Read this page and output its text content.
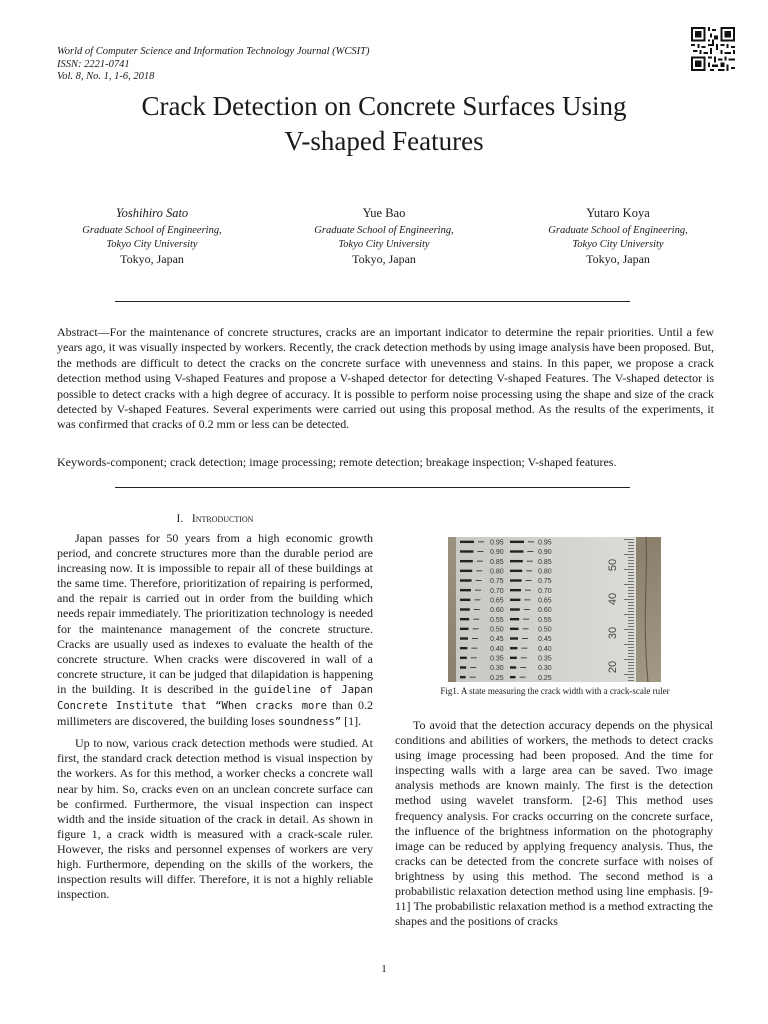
World of Computer Science and Information Technology Journal (WCSIT)
ISSN: 2221-0741
Vol. 8, No. 1, 1-6, 2018
Crack Detection on Concrete Surfaces Using
V-shaped Features
Yoshihiro Sato
Graduate School of Engineering,
Tokyo City University
Tokyo, Japan
Yue Bao
Graduate School of Engineering,
Tokyo City University
Tokyo, Japan
Yutaro Koya
Graduate School of Engineering,
Tokyo City University
Tokyo, Japan
Abstract—For the maintenance of concrete structures, cracks are an important indicator to determine the repair priorities. Until a few years ago, it was visually inspected by workers. Recently, the crack detection methods by using image analysis have been proposed. But, the methods are difficult to detect the cracks on the concrete surface with unevenness and stains. In this paper, we propose a crack detection method using V-shaped Features and propose a V-shaped detector for detecting V-shaped Features. The V-shaped detector is possible to detect cracks with a high degree of accuracy. It is possible to perform noise processing using the shape and size of the crack detected by V-shaped Features. Several experiments were carried out using this proposal method. As the results of the experiments, it was confirmed that cracks of 0.2 mm or less can be detected.
Keywords-component; crack detection; image processing; remote detection; breakage inspection; V-shaped features.
I. Introduction

Japan passes for 50 years from a high economic growth period, and concrete structures more than the durable period are increasing now. It is impossible to repair all of these buildings at the same time. Therefore, prioritization of repairing is performed, and the repair is carried out in order from the building which needs repair immediately. The prioritization technology is needed for the maintenance management of the concrete structure. Cracks are usually used as indexes to evaluate the health of the concrete structure. When cracks were discovered in wall of a concrete structure, it can be judged that dilapidation is happening in the building. It is described in the guideline of Japan Concrete Institute that “When cracks more than 0.2 millimeters are discovered, the building loses soundness” [1].

Up to now, various crack detection methods were studied. At first, the standard crack detection method is visual inspection by the workers. As for this method, a worker checks a concrete wall near by him. So, cracks even on an unclean concrete surface can be confirmed. Furthermore, the visual inspection can inspect width and the inside situation of the crack in detail. As shown in figure 1, a crack width is measured with a crack-scale ruler. However, the risks and personnel expenses of workers are very high. Furthermore, depending on the skills of the workers, the inspection results will differ. Therefore, it is not a highly reliable inspection.

0.95
0.90
0.85
0.80
0.75
0.70
0.65
0.60
0.55
0.50
0.45
0.40
0.35
0.30
0.25
0.95
0.90
0.85
0.80
0.75
0.70
0.65
0.60
0.55
0.50
0.45
0.40
0.35
0.30
0.25
50
40
30
20
Fig1. A state measuring the crack width with a crack-scale ruler

To avoid that the detection accuracy depends on the physical conditions and abilities of workers, the methods to detect cracks using image processing had been proposed. And the time for inspecting walls with a large area can be saved. Two image analysis methods are known mainly. The first is the detection method using wavelet transform. [2-6] This method uses frequency analysis. For cracks occurring on the concrete surface, the influence of the brightness information on the photography image can be reduced by applying frequency analysis. Thus, the cracks can be detected from the concrete surface with noises of brightness by using this method. The second method is a probabilistic relaxation detection method using line emphasis. [9-11] The probabilistic relaxation method is a method extracting the shapes and the positions of cracks

1
